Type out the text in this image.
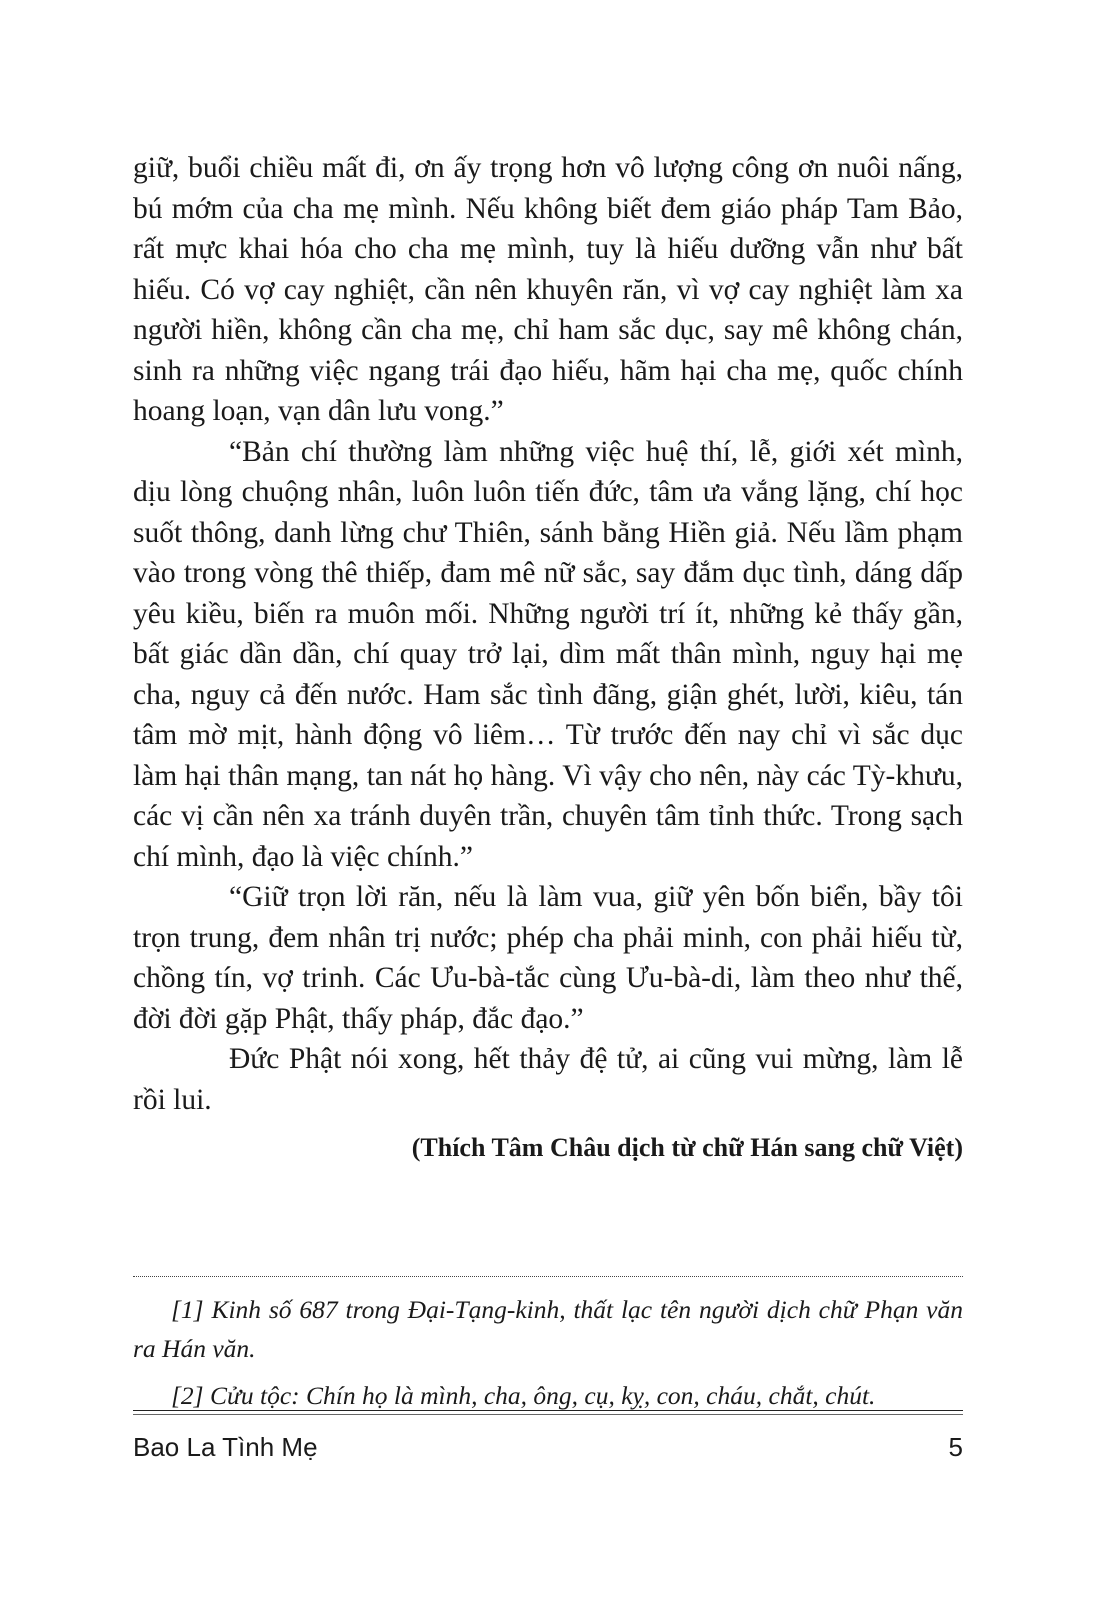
giữ, buổi chiều mất đi, ơn ấy trọng hơn vô lượng công ơn nuôi nấng, bú mớm của cha mẹ mình. Nếu không biết đem giáo pháp Tam Bảo, rất mực khai hóa cho cha mẹ mình, tuy là hiếu dưỡng vẫn như bất hiếu. Có vợ cay nghiệt, cần nên khuyên răn, vì vợ cay nghiệt làm xa người hiền, không cần cha mẹ, chỉ ham sắc dục, say mê không chán, sinh ra những việc ngang trái đạo hiếu, hãm hại cha mẹ, quốc chính hoang loạn, vạn dân lưu vong.”

“Bản chí thường làm những việc huệ thí, lễ, giới xét mình, dịu lòng chuộng nhân, luôn luôn tiến đức, tâm ưa vắng lặng, chí học suốt thông, danh lừng chư Thiên, sánh bằng Hiền giả. Nếu lầm phạm vào trong vòng thê thiếp, đam mê nữ sắc, say đắm dục tình, dáng dấp yêu kiều, biến ra muôn mối. Những người trí ít, những kẻ thấy gần, bất giác dần dần, chí quay trở lại, dìm mất thân mình, nguy hại mẹ cha, nguy cả đến nước. Ham sắc tình đãng, giận ghét, lười, kiêu, tán tâm mờ mịt, hành động vô liêm… Từ trước đến nay chỉ vì sắc dục làm hại thân mạng, tan nát họ hàng. Vì vậy cho nên, này các Tỳ-khưu, các vị cần nên xa tránh duyên trần, chuyên tâm tỉnh thức. Trong sạch chí mình, đạo là việc chính.”

“Giữ trọn lời răn, nếu là làm vua, giữ yên bốn biển, bầy tôi trọn trung, đem nhân trị nước; phép cha phải minh, con phải hiếu từ, chồng tín, vợ trinh. Các Ưu-bà-tắc cùng Ưu-bà-di, làm theo như thế, đời đời gặp Phật, thấy pháp, đắc đạo.”

Đức Phật nói xong, hết thảy đệ tử, ai cũng vui mừng, làm lễ rồi lui.

(Thích Tâm Châu dịch từ chữ Hán sang chữ Việt)

[1] Kinh số 687 trong Đại-Tạng-kinh, thất lạc tên người dịch chữ Phạn văn ra Hán văn.

[2] Cửu tộc: Chín họ là mình, cha, ông, cụ, kỵ, con, cháu, chắt, chút.

Bao La Tình Mẹ	5
